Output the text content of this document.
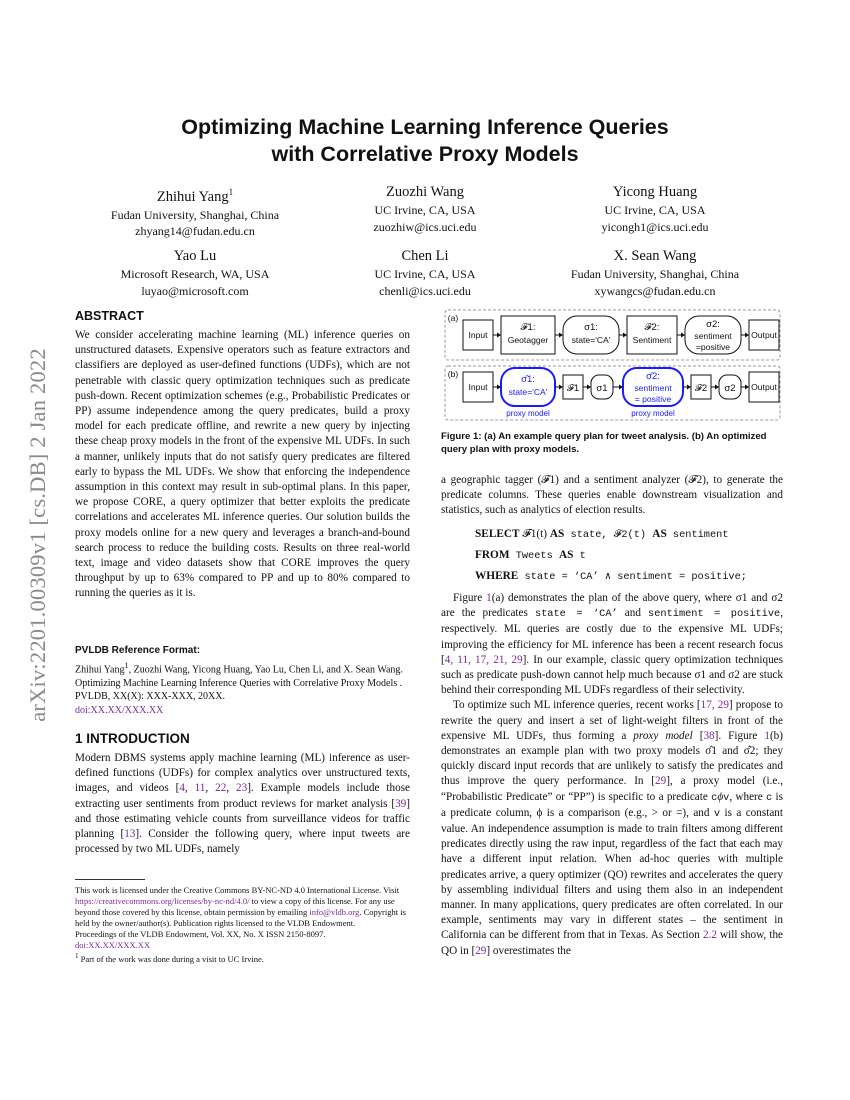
arXiv:2201.00309v1 [cs.DB] 2 Jan 2022
Optimizing Machine Learning Inference Queries
with Correlative Proxy Models
Zhihui Yang$^1$
Fudan University, Shanghai, China
zhyang14@fudan.edu.cn
Zuozhi Wang
UC Irvine, CA, USA
zuozhiw@ics.uci.edu
Yicong Huang
UC Irvine, CA, USA
yicongh1@ics.uci.edu
Yao Lu
Microsoft Research, WA, USA
luyao@microsoft.com
Chen Li
UC Irvine, CA, USA
chenli@ics.uci.edu
X. Sean Wang
Fudan University, Shanghai, China
xywangcs@fudan.edu.cn
ABSTRACT

We consider accelerating machine learning (ML) inference queries on unstructured datasets. Expensive operators such as feature extractors and classifiers are deployed as user-defined functions (UDFs), which are not penetrable with classic query optimization techniques such as predicate push-down. Recent optimization schemes (e.g., Probabilistic Predicates or PP) assume independence among the query predicates, build a proxy model for each predicate offline, and rewrite a new query by injecting these cheap proxy models in the front of the expensive ML UDFs. In such a manner, unlikely inputs that do not satisfy query predicates are filtered early to bypass the ML UDFs. We show that enforcing the independence assumption in this context may result in sub-optimal plans. In this paper, we propose CORE, a query optimizer that better exploits the predicate correlations and accelerates ML inference queries. Our solution builds the proxy models online for a new query and leverages a branch-and-bound search process to reduce the building costs. Results on three real-world text, image and video datasets show that CORE improves the query throughput by up to 63% compared to PP and up to 80% compared to running the queries as it is.

PVLDB Reference Format:
Zhihui Yang$^1$, Zuozhi Wang, Yicong Huang, Yao Lu, Chen Li, and X. Sean Wang. Optimizing Machine Learning Inference Queries with Correlative Proxy Models . PVLDB, XX(X): XXX-XXX, 20XX.
doi:XX.XX/XXX.XX
1 INTRODUCTION

Modern DBMS systems apply machine learning (ML) inference as user-defined functions (UDFs) for complex analytics over unstructured texts, images, and videos [4, 11, 22, 23]. Example models include those extracting user sentiments from product reviews for market analysis [39] and those estimating vehicle counts from surveillance videos for traffic planning [13]. Consider the following query, where input tweets are processed by two ML UDFs, namely

This work is licensed under the Creative Commons BY-NC-ND 4.0 International License. Visit https://creativecommons.org/licenses/by-nc-nd/4.0/ to view a copy of this license. For any use beyond those covered by this license, obtain permission by emailing info@vldb.org. Copyright is held by the owner/author(s). Publication rights licensed to the VLDB Endowment.

Proceedings of the VLDB Endowment, Vol. XX, No. X ISSN 2150-8097.

doi:XX.XX/XXX.XX

$^1$ Part of the work was done during a visit to UC Irvine.

(a)
Input
𝓕1:
Geotagger
σ1:
state='CA'
𝓕2:
Sentiment
σ2:
sentiment
=positive
Output
(b)
Input
σ̂1:
state='CA'
proxy model
𝓕1 σ1
σ̂2:
sentiment
= positive
proxy model
𝓕2 σ2 Output
Figure 1: (a) An example query plan for tweet analysis. (b) An optimized query plan with proxy models.

a geographic tagger (𝓕1) and a sentiment analyzer (𝓕2), to generate the predicate columns. These queries enable downstream visualization and statistics, such as analytics of election results.

SELECT 𝓕1(t) AS state, 𝓕2(t) AS sentiment
FROM Tweets AS t
WHERE state = ‘CA’ ∧ sentiment = positive;

Figure 1(a) demonstrates the plan of the above query, where σ1 and σ2 are the predicates state = ‘CA’ and sentiment = positive, respectively. ML queries are costly due to the expensive ML UDFs; improving the efficiency for ML inference has been a recent research focus [4, 11, 17, 21, 29]. In our example, classic query optimization techniques such as predicate push-down cannot help much because σ1 and σ2 are stuck behind their corresponding ML UDFs regardless of their selectivity.

To optimize such ML inference queries, recent works [17, 29] propose to rewrite the query and insert a set of light-weight filters in front of the expensive ML UDFs, thus forming a proxy model [38]. Figure 1(b) demonstrates an example plan with two proxy models σ̂1 and σ̂2; they quickly discard input records that are unlikely to satisfy the predicates and thus improve the query performance. In [29], a proxy model (i.e., “Probabilistic Predicate” or “PP”) is specific to a predicate cϕv, where c is a predicate column, ϕ is a comparison (e.g., > or =), and v is a constant value. An independence assumption is made to train filters among different predicates directly using the raw input, regardless of the fact that each may have a different input relation. When ad-hoc queries with multiple predicates arrive, a query optimizer (QO) rewrites and accelerates the query by assembling individual filters and using them also in an independent manner. In many applications, query predicates are often correlated. In our example, sentiments may vary in different states – the sentiment in California can be different from that in Texas. As Section 2.2 will show, the QO in [29] overestimates the
